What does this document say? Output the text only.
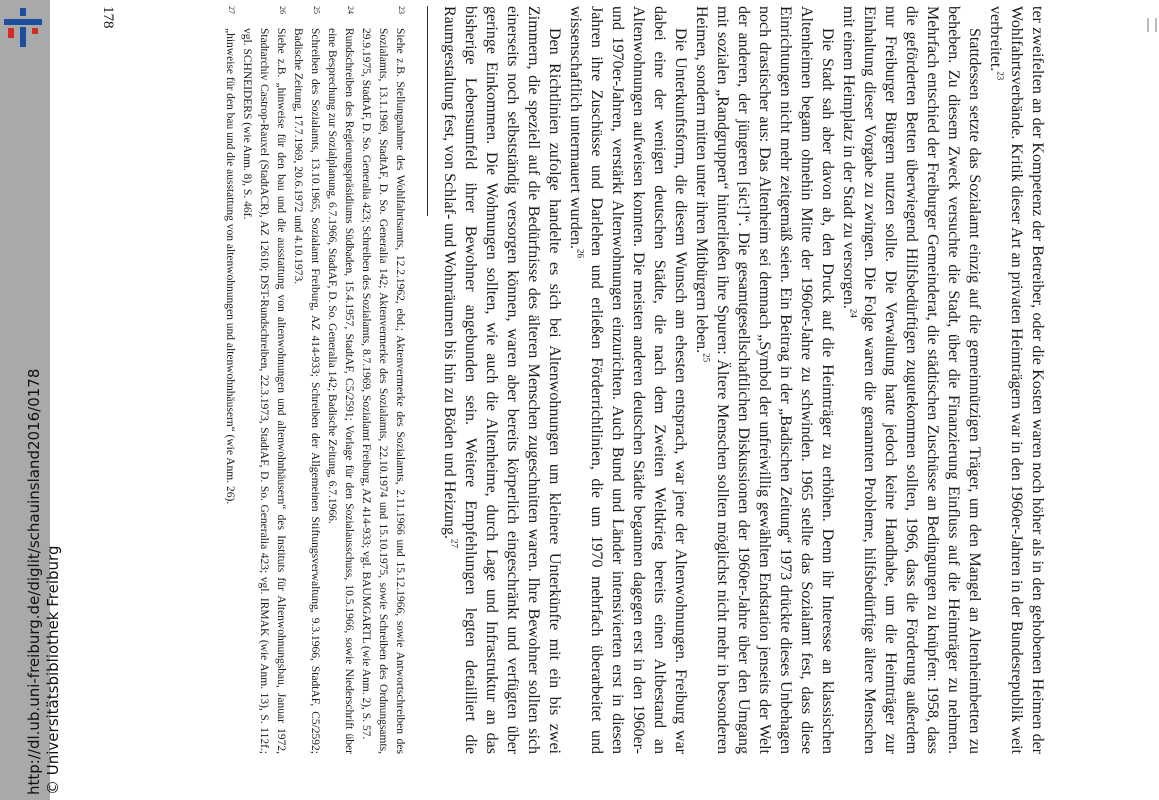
http://dl.ub.uni-freiburg.de/diglit/schauinsland2016/0178 © Universitätsbibliothek Freiburg	ter zweifelten an der Kompetenz der Betreiber, oder die Kosten waren noch höher als in den gehobenen Heimen der Wohlfahrtsverbände. Kritik dieser Art an privaten Heimträgern war in den 1960er-Jahren in der Bundesrepublik weit verbreitet.$^{23}$

Stattdessen setzte das Sozialamt einzig auf die gemeinnützigen Träger, um den Mangel an Altenheimbetten zu beheben. Zu diesem Zweck versuchte die Stadt, über die Finanzierung Einfluss auf die Heimträger zu nehmen. Mehrfach entschied der Freiburger Gemeinderat, die städtischen Zuschüsse an Bedingungen zu knüpfen: 1958, dass die geförderten Betten überwiegend Hilfsbedürftigen zugutekommen sollten, 1966, dass die Förderung außerdem nur Freiburger Bürgern nutzen sollte. Die Verwaltung hatte jedoch keine Handhabe, um die Heimträger zur Einhaltung dieser Vorgabe zu zwingen. Die Folge waren die genannten Probleme, hilfsbedürftige ältere Menschen mit einem Heimplatz in der Stadt zu versorgen.$^{24}$

Die Stadt sah aber davon ab, den Druck auf die Heimträger zu erhöhen. Denn ihr Interesse an klassischen Altenheimen begann ohnehin Mitte der 1960er-Jahre zu schwinden. 1965 stellte das Sozialamt fest, dass diese Einrichtungen nicht mehr zeitgemäß seien. Ein Beitrag in der „Badischen Zeitung“ 1973 drückte dieses Unbehagen noch drastischer aus: Das Altenheim sei demnach „Symbol der unfreiwillig gewählten Endstation jenseits der Welt der anderen, der jüngeren [sic!]“. Die gesamtgesellschaftlichen Diskussionen der 1960er-Jahre über den Umgang mit sozialen „Randgruppen“ hinterließen ihre Spuren: Ältere Menschen sollten möglichst nicht mehr in besonderen Heimen, sondern mitten unter ihren Mitbürgern leben.$^{25}$

Die Unterkunftsform, die diesem Wunsch am ehesten entsprach, war jene der Altenwohnungen. Freiburg war dabei eine der wenigen deutschen Städte, die nach dem Zweiten Weltkrieg bereits einen Altbestand an Altenwohnungen aufweisen konnten. Die meisten anderen deutschen Städte begannen dagegen erst in den 1960er- und 1970er-Jahren, verstärkt Altenwohnungen einzurichten. Auch Bund und Länder intensivierten erst in diesen Jahren ihre Zuschüsse und Darlehen und erließen Förderrichtlinien, die um 1970 mehrfach überarbeitet und wissenschaftlich untermauert wurden.$^{26}$

Den Richtlinien zufolge handelte es sich bei Altenwohnungen um kleinere Unterkünfte mit ein bis zwei Zimmern, die speziell auf die Bedürfnisse des älteren Menschen zugeschnitten waren. Ihre Bewohner sollten sich einerseits noch selbstständig versorgen können, waren aber bereits körperlich eingeschränkt und verfügten über geringe Einkommen. Die Wohnungen sollten, wie auch die Altenheime, durch Lage und Infrastruktur an das bisherige Lebensumfeld ihrer Bewohner angebunden sein. Weitere Empfehlungen legten detailliert die Raumgestaltung fest, von Schlaf- und Wohnräumen bis hin zu Böden und Heizung.$^{27}$

23
Siehe z.B. Stellungnahme des Wohlfahrtsamts, 12.2.1962, ebd.; Aktenvermerke des Sozialamts, 2.11.1966 und 15.12.1966, sowie Antwortschreiben des Sozialamts, 13.1.1969, StadtAF, D. So. Generalia 142; Aktenvermerke des Sozialamts, 22.10.1974 und 15.10.1975, sowie Schreiben des Ordnungsamts, 29.9.1975, StadtAF, D. So. Generalia 423; Schreiben des Sozialamts, 8.7.1969, Sozialamt Freiburg, AZ 414-933; vgl. BAUMGARTL (wie Anm. 2), S. 57.
24
Rundschreiben des Regierungspräsidiums Südbaden, 15.4.1957, StadtAF, C5/2591; Vorlage für den Sozialausschuss, 10.5.1966, sowie Niederschrift über eine Besprechung zur Sozialplanung, 6.7.1966, StadtAF, D. So. Generalia 142; Badische Zeitung, 6.7.1966.
25
Schreiben des Sozialamts, 13.10.1965, Sozialamt Freiburg, AZ 414-933; Schreiben der Allgemeinen Stiftungsverwaltung, 9.3.1966, StadtAF, C5/2592; Badische Zeitung, 17.7.1969, 20.6.1972 und 4.10.1973.
26
Siehe z.B. „hinweise für den bau und die ausstattung von altenwohnungen und altenwohnhäusern“ des Instituts für Altenwohnungsbau, Januar 1972, Stadtarchiv Castrop-Rauxel (StadtACR), AZ 12610; DST-Rundschreiben, 22.3.1973, StadtAF, D. So. Generalia 423; vgl. IRMAK (wie Anm. 13), S. 112f.; vgl. SCHNEIDERS (wie Anm. 8), S. 46f.
27
„hinweise für den bau und die ausstattung von altenwohnungen und altenwohnhäusern“ (wie Anm. 26).
178
